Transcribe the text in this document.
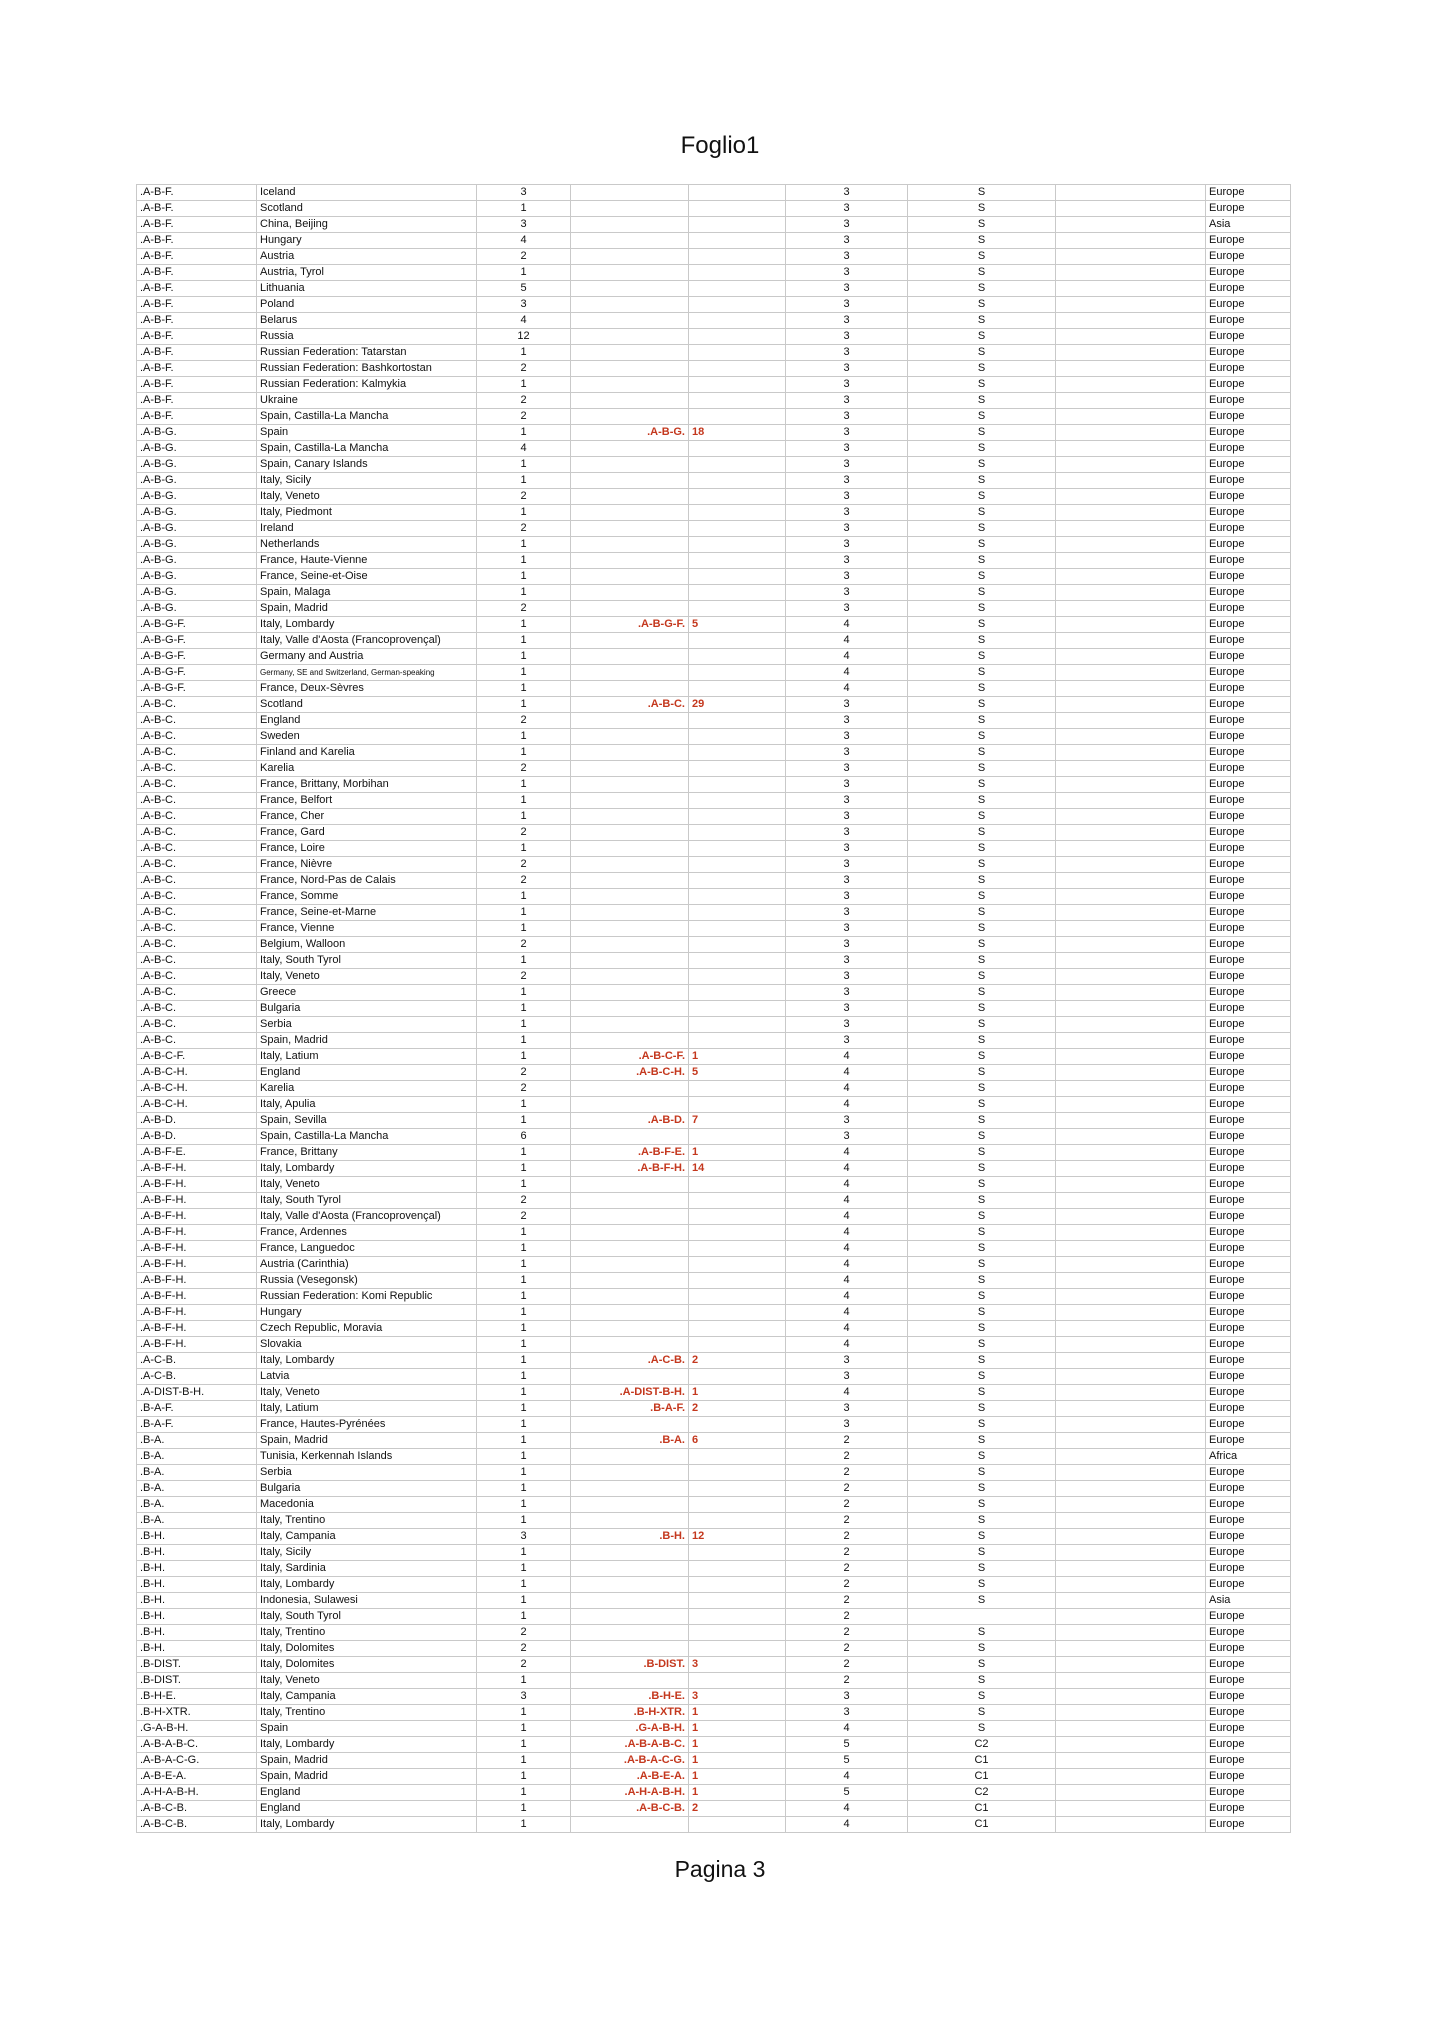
Foglio1
.A-B-F.	Iceland	3			3	S		Europe
.A-B-F.	Scotland	1			3	S		Europe
.A-B-F.	China, Beijing	3			3	S		Asia
.A-B-F.	Hungary	4			3	S		Europe
.A-B-F.	Austria	2			3	S		Europe
.A-B-F.	Austria, Tyrol	1			3	S		Europe
.A-B-F.	Lithuania	5			3	S		Europe
.A-B-F.	Poland	3			3	S		Europe
.A-B-F.	Belarus	4			3	S		Europe
.A-B-F.	Russia	12			3	S		Europe
.A-B-F.	Russian Federation: Tatarstan	1			3	S		Europe
.A-B-F.	Russian Federation: Bashkortostan	2			3	S		Europe
.A-B-F.	Russian Federation: Kalmykia	1			3	S		Europe
.A-B-F.	Ukraine	2			3	S		Europe
.A-B-F.	Spain, Castilla-La Mancha	2			3	S		Europe
.A-B-G.	Spain	1	.A-B-G.	18	3	S		Europe
.A-B-G.	Spain, Castilla-La Mancha	4			3	S		Europe
.A-B-G.	Spain, Canary Islands	1			3	S		Europe
.A-B-G.	Italy, Sicily	1			3	S		Europe
.A-B-G.	Italy, Veneto	2			3	S		Europe
.A-B-G.	Italy, Piedmont	1			3	S		Europe
.A-B-G.	Ireland	2			3	S		Europe
.A-B-G.	Netherlands	1			3	S		Europe
.A-B-G.	France, Haute-Vienne	1			3	S		Europe
.A-B-G.	France, Seine-et-Oise	1			3	S		Europe
.A-B-G.	Spain, Malaga	1			3	S		Europe
.A-B-G.	Spain, Madrid	2			3	S		Europe
.A-B-G-F.	Italy, Lombardy	1	.A-B-G-F.	5	4	S		Europe
.A-B-G-F.	Italy, Valle d'Aosta (Francoprovençal)	1			4	S		Europe
.A-B-G-F.	Germany and Austria	1			4	S		Europe
.A-B-G-F.	Germany, SE and Switzerland, German-speaking	1			4	S		Europe
.A-B-G-F.	France, Deux-Sèvres	1			4	S		Europe
.A-B-C.	Scotland	1	.A-B-C.	29	3	S		Europe
.A-B-C.	England	2			3	S		Europe
.A-B-C.	Sweden	1			3	S		Europe
.A-B-C.	Finland and Karelia	1			3	S		Europe
.A-B-C.	Karelia	2			3	S		Europe
.A-B-C.	France, Brittany, Morbihan	1			3	S		Europe
.A-B-C.	France, Belfort	1			3	S		Europe
.A-B-C.	France, Cher	1			3	S		Europe
.A-B-C.	France, Gard	2			3	S		Europe
.A-B-C.	France, Loire	1			3	S		Europe
.A-B-C.	France, Nièvre	2			3	S		Europe
.A-B-C.	France, Nord-Pas de Calais	2			3	S		Europe
.A-B-C.	France, Somme	1			3	S		Europe
.A-B-C.	France, Seine-et-Marne	1			3	S		Europe
.A-B-C.	France, Vienne	1			3	S		Europe
.A-B-C.	Belgium, Walloon	2			3	S		Europe
.A-B-C.	Italy, South Tyrol	1			3	S		Europe
.A-B-C.	Italy, Veneto	2			3	S		Europe
.A-B-C.	Greece	1			3	S		Europe
.A-B-C.	Bulgaria	1			3	S		Europe
.A-B-C.	Serbia	1			3	S		Europe
.A-B-C.	Spain, Madrid	1			3	S		Europe
.A-B-C-F.	Italy, Latium	1	.A-B-C-F.	1	4	S		Europe
.A-B-C-H.	England	2	.A-B-C-H.	5	4	S		Europe
.A-B-C-H.	Karelia	2			4	S		Europe
.A-B-C-H.	Italy, Apulia	1			4	S		Europe
.A-B-D.	Spain, Sevilla	1	.A-B-D.	7	3	S		Europe
.A-B-D.	Spain, Castilla-La Mancha	6			3	S		Europe
.A-B-F-E.	France, Brittany	1	.A-B-F-E.	1	4	S		Europe
.A-B-F-H.	Italy, Lombardy	1	.A-B-F-H.	14	4	S		Europe
.A-B-F-H.	Italy, Veneto	1			4	S		Europe
.A-B-F-H.	Italy, South Tyrol	2			4	S		Europe
.A-B-F-H.	Italy, Valle d'Aosta (Francoprovençal)	2			4	S		Europe
.A-B-F-H.	France, Ardennes	1			4	S		Europe
.A-B-F-H.	France, Languedoc	1			4	S		Europe
.A-B-F-H.	Austria (Carinthia)	1			4	S		Europe
.A-B-F-H.	Russia (Vesegonsk)	1			4	S		Europe
.A-B-F-H.	Russian Federation: Komi Republic	1			4	S		Europe
.A-B-F-H.	Hungary	1			4	S		Europe
.A-B-F-H.	Czech Republic, Moravia	1			4	S		Europe
.A-B-F-H.	Slovakia	1			4	S		Europe
.A-C-B.	Italy, Lombardy	1	.A-C-B.	2	3	S		Europe
.A-C-B.	Latvia	1			3	S		Europe
.A-DIST-B-H.	Italy, Veneto	1	.A-DIST-B-H.	1	4	S		Europe
.B-A-F.	Italy, Latium	1	.B-A-F.	2	3	S		Europe
.B-A-F.	France, Hautes-Pyrénées	1			3	S		Europe
.B-A.	Spain, Madrid	1	.B-A.	6	2	S		Europe
.B-A.	Tunisia, Kerkennah Islands	1			2	S		Africa
.B-A.	Serbia	1			2	S		Europe
.B-A.	Bulgaria	1			2	S		Europe
.B-A.	Macedonia	1			2	S		Europe
.B-A.	Italy, Trentino	1			2	S		Europe
.B-H.	Italy, Campania	3	.B-H.	12	2	S		Europe
.B-H.	Italy, Sicily	1			2	S		Europe
.B-H.	Italy, Sardinia	1			2	S		Europe
.B-H.	Italy, Lombardy	1			2	S		Europe
.B-H.	Indonesia, Sulawesi	1			2	S		Asia
.B-H.	Italy, South Tyrol	1			2			Europe
.B-H.	Italy, Trentino	2			2	S		Europe
.B-H.	Italy, Dolomites	2			2	S		Europe
.B-DIST.	Italy, Dolomites	2	.B-DIST.	3	2	S		Europe
.B-DIST.	Italy, Veneto	1			2	S		Europe
.B-H-E.	Italy, Campania	3	.B-H-E.	3	3	S		Europe
.B-H-XTR.	Italy, Trentino	1	.B-H-XTR.	1	3	S		Europe
.G-A-B-H.	Spain	1	.G-A-B-H.	1	4	S		Europe
.A-B-A-B-C.	Italy, Lombardy	1	.A-B-A-B-C.	1	5	C2		Europe
.A-B-A-C-G.	Spain, Madrid	1	.A-B-A-C-G.	1	5	C1		Europe
.A-B-E-A.	Spain, Madrid	1	.A-B-E-A.	1	4	C1		Europe
.A-H-A-B-H.	England	1	.A-H-A-B-H.	1	5	C2		Europe
.A-B-C-B.	England	1	.A-B-C-B.	2	4	C1		Europe
.A-B-C-B.	Italy, Lombardy	1			4	C1		Europe
Pagina 3
